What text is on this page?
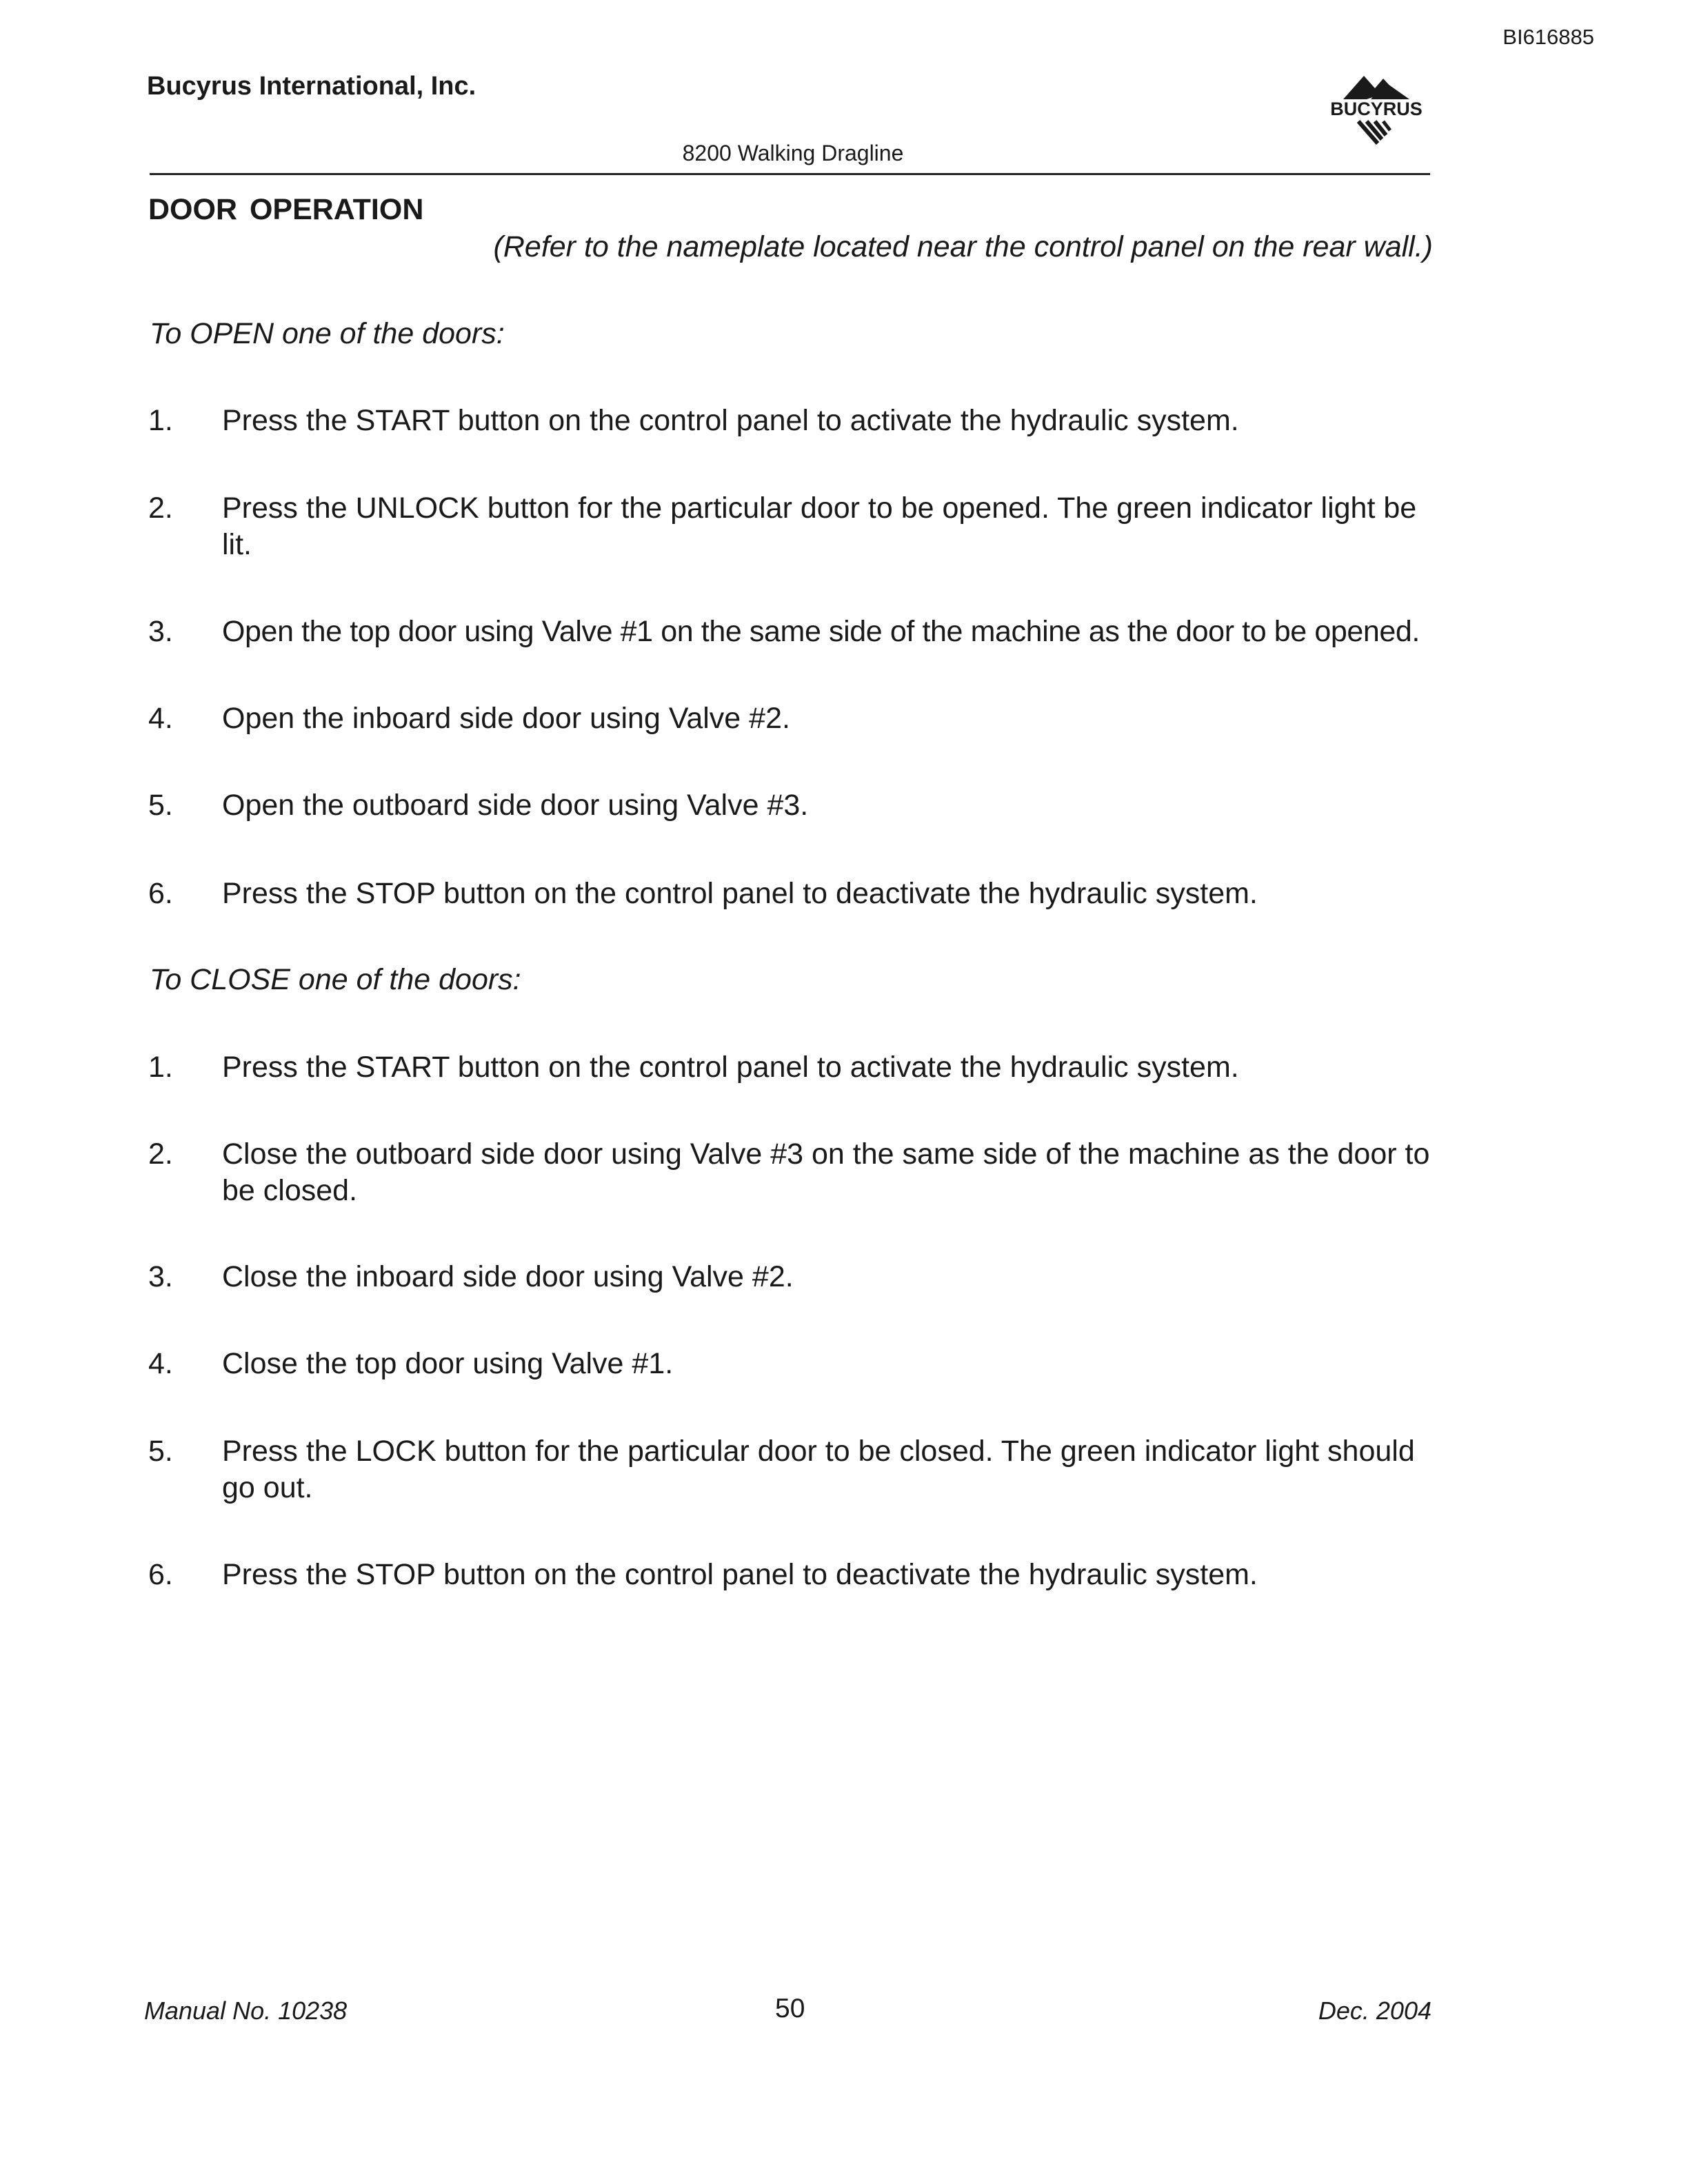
BI616885
Bucyrus International, Inc.
BUCYRUS
8200 Walking Dragline
DOOR OPERATION
(Refer to the nameplate located near the control panel on the rear wall.)
To OPEN one of the doors:
1. Press the START button on the control panel to activate the hydraulic system.
2. Press the UNLOCK button for the particular door to be opened. The green indicator light be lit.
3. Open the top door using Valve #1 on the same side of the machine as the door to be opened.
4. Open the inboard side door using Valve #2.
5. Open the outboard side door using Valve #3.
6. Press the STOP button on the control panel to deactivate the hydraulic system.
To CLOSE one of the doors:
1. Press the START button on the control panel to activate the hydraulic system.
2. Close the outboard side door using Valve #3 on the same side of the machine as the door to be closed.
3. Close the inboard side door using Valve #2.
4. Close the top door using Valve #1.
5. Press the LOCK button for the particular door to be closed. The green indicator light should go out.
6. Press the STOP button on the control panel to deactivate the hydraulic system.
Manual No. 10238	50	Dec. 2004
